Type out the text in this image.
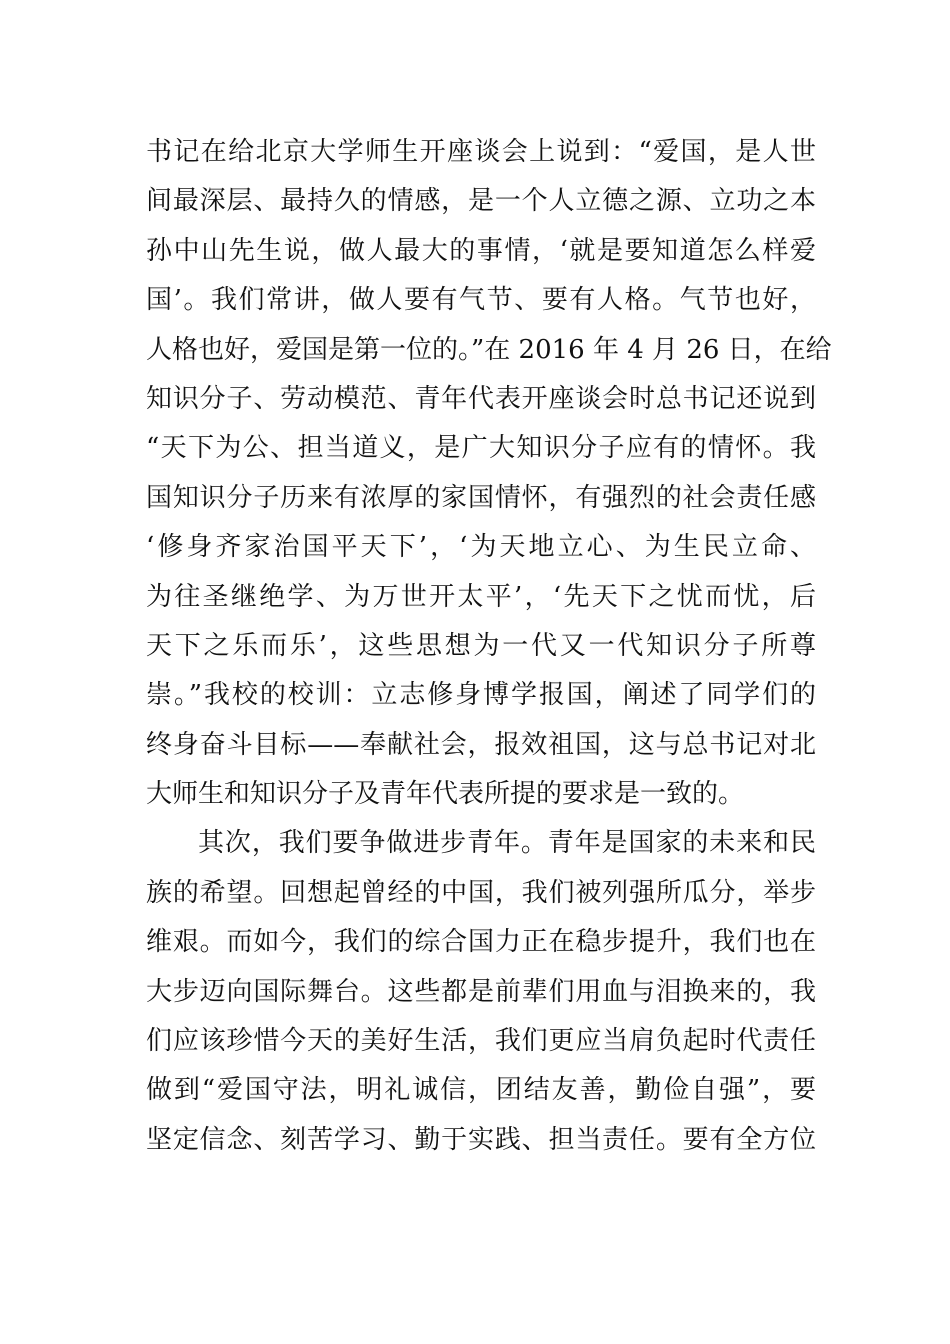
书记在给北京大学师生开座谈会上说到：“爱国，是人世
间最深层、最持久的情感，是一个人立德之源、立功之本
孙中山先生说，做人最大的事情，‘就是要知道怎么样爱
国’。我们常讲，做人要有气节、要有人格。气节也好，
人格也好，爱国是第一位的。”在 2016 年 4 月 26 日，在给
知识分子、劳动模范、青年代表开座谈会时总书记还说到
“天下为公、担当道义，是广大知识分子应有的情怀。我
国知识分子历来有浓厚的家国情怀，有强烈的社会责任感
‘修身齐家治国平天下’，‘为天地立心、为生民立命、
为往圣继绝学、为万世开太平’，‘先天下之忧而忧，后
天下之乐而乐’，这些思想为一代又一代知识分子所尊
崇。”我校的校训：立志修身博学报国，阐述了同学们的
终身奋斗目标——奉献社会，报效祖国，这与总书记对北
大师生和知识分子及青年代表所提的要求是一致的。
其次，我们要争做进步青年。青年是国家的未来和民
族的希望。回想起曾经的中国，我们被列强所瓜分，举步
维艰。而如今，我们的综合国力正在稳步提升，我们也在
大步迈向国际舞台。这些都是前辈们用血与泪换来的，我
们应该珍惜今天的美好生活，我们更应当肩负起时代责任
做到“爱国守法，明礼诚信，团结友善，勤俭自强”，要
坚定信念、刻苦学习、勤于实践、担当责任。要有全方位
